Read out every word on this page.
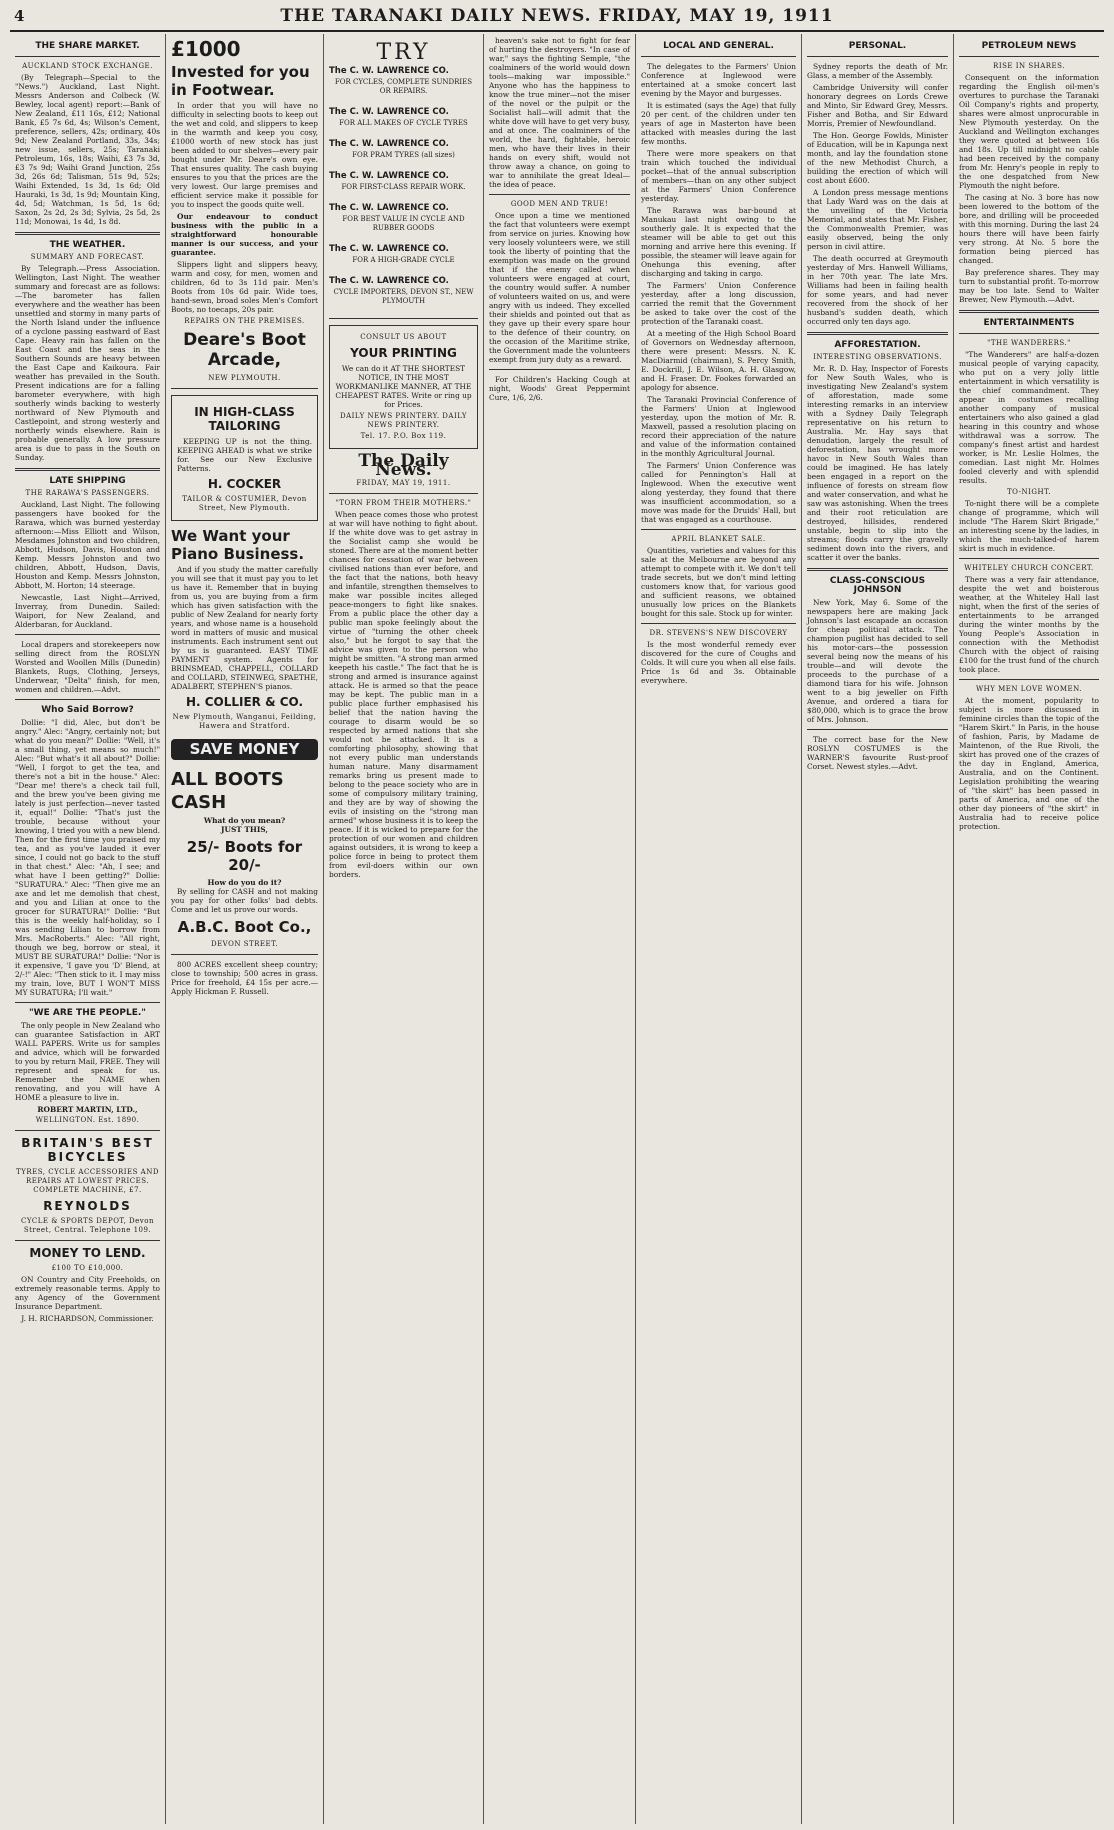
4	THE TARANAKI DAILY NEWS. FRIDAY, MAY 19, 1911
THE SHARE MARKET.
AUCKLAND STOCK EXCHANGE.

(By Telegraph—Special to the "News.") Auckland, Last Night. Messrs Anderson and Colbeck (W. Bewley, local agent) report:—Bank of New Zealand, £11 16s, £12; National Bank, £5 7s 6d, 4s; Wilson's Cement, preference, sellers, 42s; ordinary, 40s 9d; New Zealand Portland, 33s, 34s; new issue, sellers, 25s; Taranaki Petroleum, 16s, 18s; Waihi, £3 7s 3d, £3 7s 9d; Waihi Grand Junction, 25s 3d, 26s 6d; Talisman, 51s 9d, 52s; Waihi Extended, 1s 3d, 1s 6d; Old Hauraki, 1s 3d, 1s 9d; Mountain King, 4d, 5d; Watchman, 1s 5d, 1s 6d; Saxon, 2s 2d, 2s 3d; Sylvia, 2s 5d, 2s 11d; Monowai, 1s 4d, 1s 8d.

THE WEATHER.
SUMMARY AND FORECAST.

By Telegraph.—Press Association. Wellington, Last Night. The weather summary and forecast are as follows:—The barometer has fallen everywhere and the weather has been unsettled and stormy in many parts of the North Island under the influence of a cyclone passing eastward of East Cape. Heavy rain has fallen on the East Coast and the seas in the Southern Sounds are heavy between the East Cape and Kaikoura. Fair weather has prevailed in the South. Present indications are for a falling barometer everywhere, with high southerly winds backing to westerly northward of New Plymouth and Castlepoint, and strong westerly and northerly winds elsewhere. Rain is probable generally. A low pressure area is due to pass in the South on Sunday.

LATE SHIPPING
THE RARAWA'S PASSENGERS.

Auckland, Last Night. The following passengers have booked for the Rarawa, which was burned yesterday afternoon:—Miss Elliott and Wilson, Mesdames Johnston and two children, Abbott, Hudson, Davis, Houston and Kemp. Messrs Johnston and two children, Abbott, Hudson, Davis, Houston and Kemp. Messrs Johnston, Abbott, M. Horton; 14 steerage.

Newcastle, Last Night—Arrived, Inverray, from Dunedin. Sailed: Waipori, for New Zealand, and Alderbaran, for Auckland.

Local drapers and storekeepers now selling direct from the ROSLYN Worsted and Woollen Mills (Dunedin) Blankets, Rugs, Clothing, Jerseys, Underwear, "Delta" finish, for men, women and children.—Advt.

Who Said Borrow?

Dollie: "I did, Alec, but don't be angry." Alec: "Angry, certainly not; but what do you mean?" Dollie: "Well, it's a small thing, yet means so much!" Alec: "But what's it all about?" Dollie: "Well, I forgot to get the tea, and there's not a bit in the house." Alec: "Dear me! there's a check tail full, and the brew you've been giving me lately is just perfection—never tasted it, equal!" Dollie: "That's just the trouble, because without your knowing, I tried you with a new blend. Then for the first time you praised my tea, and as you've lauded it ever since, I could not go back to the stuff in that chest." Alec: "Ah, I see; and what have I been getting?" Dollie: "SURATURA." Alec: "Then give me an axe and let me demolish that chest, and you and Lilian at once to the grocer for SURATURA!" Dollie: "But this is the weekly half-holiday, so I was sending Lilian to borrow from Mrs. MacRoberts." Alec: "All right, though we beg, borrow or steal, it MUST BE SURATURA!" Dollie: "Nor is it expensive, 'I gave you 'D' Blend, at 2/-!" Alec: "Then stick to it. I may miss my train, love, BUT I WON'T MISS MY SURATURA; I'll wait."

"WE ARE THE PEOPLE."

The only people in New Zealand who can guarantee Satisfaction in ART WALL PAPERS. Write us for samples and advice, which will be forwarded to you by return Mail, FREE. They will represent and speak for us. Remember the NAME when renovating, and you will have A HOME a pleasure to live in.

ROBERT MARTIN, LTD.,
WELLINGTON. Est. 1890.
BRITAIN'S BEST BICYCLES
TYRES, CYCLE ACCESSORIES AND REPAIRS AT LOWEST PRICES. COMPLETE MACHINE, £7.
REYNOLDS
CYCLE & SPORTS DEPOT, Devon Street, Central. Telephone 109.
MONEY TO LEND.
£100 TO £10,000.

ON Country and City Freeholds, on extremely reasonable terms. Apply to any Agency of the Government Insurance Department.

J. H. RICHARDSON, Commissioner.
£1000
Invested for you in Footwear.

In order that you will have no difficulty in selecting boots to keep out the wet and cold, and slippers to keep in the warmth and keep you cosy, £1000 worth of new stock has just been added to our shelves—every pair bought under Mr. Deare's own eye. That ensures quality. The cash buying ensures to you that the prices are the very lowest. Our large premises and efficient service make it possible for you to inspect the goods quite well.

Our endeavour to conduct business with the public in a straightforward honourable manner is our success, and your guarantee.

Slippers light and slippers heavy, warm and cosy, for men, women and children, 6d to 3s 11d pair. Men's Boots from 10s 6d pair. Wide toes, hand-sewn, broad soles Men's Comfort Boots, no toecaps, 20s pair.

REPAIRS ON THE PREMISES.
Deare's Boot Arcade,
NEW PLYMOUTH.
IN HIGH-CLASS TAILORING

KEEPING UP is not the thing. KEEPING AHEAD is what we strike for. See our New Exclusive Patterns.

H. COCKER
TAILOR & COSTUMIER, Devon Street, New Plymouth.
We Want your Piano Business.

And if you study the matter carefully you will see that it must pay you to let us have it. Remember that in buying from us, you are buying from a firm which has given satisfaction with the public of New Zealand for nearly forty years, and whose name is a household word in matters of music and musical instruments. Each instrument sent out by us is guaranteed. EASY TIME PAYMENT system. Agents for BRINSMEAD, CHAPPELL, COLLARD and COLLARD, STEINWEG, SPAETHE, ADALBERT, STEPHEN'S pianos.

H. COLLIER & CO.
New Plymouth, Wanganui, Feilding, Hawera and Stratford.
SAVE MONEY
ALL BOOTS CASH
What do you mean?
JUST THIS,
25/- Boots for 20/-
How do you do it?

By selling for CASH and not making you pay for other folks' bad debts. Come and let us prove our words.

A.B.C. Boot Co.,
DEVON STREET.

800 ACRES excellent sheep country; close to township; 500 acres in grass. Price for freehold, £4 15s per acre.—Apply Hickman F. Russell.

TRY
The C. W. LAWRENCE CO.
FOR CYCLES, COMPLETE SUNDRIES OR REPAIRS.
The C. W. LAWRENCE CO.
FOR ALL MAKES OF CYCLE TYRES
The C. W. LAWRENCE CO.
FOR PRAM TYRES (all sizes)
The C. W. LAWRENCE CO.
FOR FIRST-CLASS REPAIR WORK.
The C. W. LAWRENCE CO.
FOR BEST VALUE IN CYCLE AND RUBBER GOODS
The C. W. LAWRENCE CO.
FOR A HIGH-GRADE CYCLE
The C. W. LAWRENCE CO.
CYCLE IMPORTERS, DEVON ST., NEW PLYMOUTH
CONSULT US ABOUT
YOUR PRINTING

We can do it AT THE SHORTEST NOTICE, IN THE MOST WORKMANLIKE MANNER, AT THE CHEAPEST RATES. Write or ring up for Prices.

DAILY NEWS PRINTERY. DAILY NEWS PRINTERY.
Tel. 17. P.O. Box 119.
The Daily News.
FRIDAY, MAY 19, 1911.
"TORN FROM THEIR MOTHERS."

When peace comes those who protest at war will have nothing to fight about. If the white dove was to get astray in the Socialist camp she would be stoned. There are at the moment better chances for cessation of war between civilised nations than ever before, and the fact that the nations, both heavy and infantile, strengthen themselves to make war possible incites alleged peace-mongers to fight like snakes. From a public place the other day a public man spoke feelingly about the virtue of "turning the other cheek also," but he forgot to say that the advice was given to the person who might be smitten. "A strong man armed keepeth his castle." The fact that he is strong and armed is insurance against attack. He is armed so that the peace may be kept. The public man in a public place further emphasised his belief that the nation having the courage to disarm would be so respected by armed nations that she would not be attacked. It is a comforting philosophy, showing that not every public man understands human nature. Many disarmament remarks bring us present made to belong to the peace society who are in some of compulsory military training, and they are by way of showing the evils of insisting on the "strong man armed" whose business it is to keep the peace. If it is wicked to prepare for the protection of our women and children against outsiders, it is wrong to keep a police force in being to protect them from evil-doers within our own borders.

heaven's sake not to fight for fear of hurting the destroyers. "In case of war," says the fighting Semple, "the coalminers of the world would down tools—making war impossible." Anyone who has the happiness to know the true miner—not the miser of the novel or the pulpit or the Socialist hall—will admit that the white dove will have to get very busy, and at once. The coalminers of the world, the hard, fightable, heroic men, who have their lives in their hands on every shift, would not throw away a chance, on going to war to annihilate the great Ideal—the idea of peace.

GOOD MEN AND TRUE!

Once upon a time we mentioned the fact that volunteers were exempt from service on juries. Knowing how very loosely volunteers were, we still took the liberty of pointing that the exemption was made on the ground that if the enemy called when volunteers were engaged at court, the country would suffer. A number of volunteers waited on us, and were angry with us indeed. They excelled their shields and pointed out that as they gave up their every spare hour to the defence of their country, on the occasion of the Maritime strike, the Government made the volunteers exempt from jury duty as a reward.

For Children's Hacking Cough at night, Woods' Great Peppermint Cure, 1/6, 2/6.

LOCAL AND GENERAL.

The delegates to the Farmers' Union Conference at Inglewood were entertained at a smoke concert last evening by the Mayor and burgesses.

It is estimated (says the Age) that fully 20 per cent. of the children under ten years of age in Masterton have been attacked with measles during the last few months.

There were more speakers on that train which touched the individual pocket—that of the annual subscription of members—than on any other subject at the Farmers' Union Conference yesterday.

The Rarawa was bar-bound at Manukau last night owing to the southerly gale. It is expected that the steamer will be able to get out this morning and arrive here this evening. If possible, the steamer will leave again for Onehunga this evening, after discharging and taking in cargo.

The Farmers' Union Conference yesterday, after a long discussion, carried the remit that the Government be asked to take over the cost of the protection of the Taranaki coast.

At a meeting of the High School Board of Governors on Wednesday afternoon, there were present: Messrs. N. K. MacDiarmid (chairman), S. Percy Smith, E. Dockrill, J. E. Wilson, A. H. Glasgow, and H. Fraser. Dr. Fookes forwarded an apology for absence.

The Taranaki Provincial Conference of the Farmers' Union at Inglewood yesterday, upon the motion of Mr. R. Maxwell, passed a resolution placing on record their appreciation of the nature and value of the information contained in the monthly Agricultural Journal.

The Farmers' Union Conference was called for Pennington's Hall at Inglewood. When the executive went along yesterday, they found that there was insufficient accommodation, so a move was made for the Druids' Hall, but that was engaged as a courthouse.

APRIL BLANKET SALE.

Quantities, varieties and values for this sale at the Melbourne are beyond any attempt to compete with it. We don't tell trade secrets, but we don't mind letting customers know that, for various good and sufficient reasons, we obtained unusually low prices on the Blankets bought for this sale. Stock up for winter.

DR. STEVENS'S NEW DISCOVERY

Is the most wonderful remedy ever discovered for the cure of Coughs and Colds. It will cure you when all else fails. Price 1s 6d and 3s. Obtainable everywhere.

PERSONAL.

Sydney reports the death of Mr. Glass, a member of the Assembly.

Cambridge University will confer honorary degrees on Lords Crewe and Minto, Sir Edward Grey, Messrs. Fisher and Botha, and Sir Edward Morris, Premier of Newfoundland.

The Hon. George Fowlds, Minister of Education, will be in Kapunga next month, and lay the foundation stone of the new Methodist Church, a building the erection of which will cost about £600.

A London press message mentions that Lady Ward was on the dais at the unveiling of the Victoria Memorial, and states that Mr. Fisher, the Commonwealth Premier, was easily observed, being the only person in civil attire.

The death occurred at Greymouth yesterday of Mrs. Hanwell Williams, in her 70th year. The late Mrs. Williams had been in failing health for some years, and had never recovered from the shock of her husband's sudden death, which occurred only ten days ago.

AFFORESTATION.
INTERESTING OBSERVATIONS.

Mr. R. D. Hay, Inspector of Forests for New South Wales, who is investigating New Zealand's system of afforestation, made some interesting remarks in an interview with a Sydney Daily Telegraph representative on his return to Australia. Mr. Hay says that denudation, largely the result of deforestation, has wrought more havoc in New South Wales than could be imagined. He has lately been engaged in a report on the influence of forests on stream flow and water conservation, and what he saw was astonishing. When the trees and their root reticulation are destroyed, hillsides, rendered unstable, begin to slip into the streams; floods carry the gravelly sediment down into the rivers, and scatter it over the banks.

CLASS-CONSCIOUS JOHNSON

New York, May 6. Some of the newspapers here are making Jack Johnson's last escapade an occasion for cheap political attack. The champion pugilist has decided to sell his motor-cars—the possession several being now the means of his trouble—and will devote the proceeds to the purchase of a diamond tiara for his wife. Johnson went to a big jeweller on Fifth Avenue, and ordered a tiara for $80,000, which is to grace the brow of Mrs. Johnson.

The correct base for the New ROSLYN COSTUMES is the WARNER'S favourite Rust-proof Corset. Newest styles.—Advt.

PETROLEUM NEWS
RISE IN SHARES.

Consequent on the information regarding the English oil-men's overtures to purchase the Taranaki Oil Company's rights and property, shares were almost unprocurable in New Plymouth yesterday. On the Auckland and Wellington exchanges they were quoted at between 16s and 18s. Up till midnight no cable had been received by the company from Mr. Henry's people in reply to the one despatched from New Plymouth the night before.

The casing at No. 3 bore has now been lowered to the bottom of the bore, and drilling will be proceeded with this morning. During the last 24 hours there will have been fairly very strong. At No. 5 bore the formation being pierced has changed.

Bay preference shares. They may turn to substantial profit. To-morrow may be too late. Send to Walter Brewer, New Plymouth.—Advt.

ENTERTAINMENTS
"THE WANDERERS."

"The Wanderers" are half-a-dozen musical people of varying capacity, who put on a very jolly little entertainment in which versatility is the chief commandment. They appear in costumes recalling another company of musical entertainers who also gained a glad hearing in this country and whose withdrawal was a sorrow. The company's finest artist and hardest worker, is Mr. Leslie Holmes, the comedian. Last night Mr. Holmes fooled cleverly and with splendid results.

TO-NIGHT.

To-night there will be a complete change of programme, which will include "The Harem Skirt Brigade," an interesting scene by the ladies, in which the much-talked-of harem skirt is much in evidence.

WHITELEY CHURCH CONCERT.

There was a very fair attendance, despite the wet and boisterous weather, at the Whiteley Hall last night, when the first of the series of entertainments to be arranged during the winter months by the Young People's Association in connection with the Methodist Church with the object of raising £100 for the trust fund of the church took place.

WHY MEN LOVE WOMEN.

At the moment, popularity to subject is more discussed in feminine circles than the topic of the "Harem Skirt." In Paris, in the house of fashion, Paris, by Madame de Maintenon, of the Rue Rivoli, the skirt has proved one of the crazes of the day in England, America, Australia, and on the Continent. Legislation prohibiting the wearing of "the skirt" has been passed in parts of America, and one of the other day pioneers of "the skirt" in Australia had to receive police protection.
